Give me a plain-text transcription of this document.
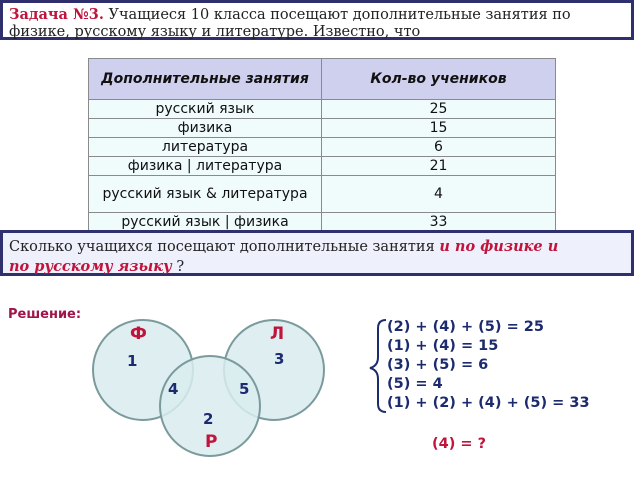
Задача №3. Учащиеся 10 класса посещают дополнительные занятия по физике, русскому языку и литературе. Известно, что
Дополнительные занятия	Кол-во учеников
русский язык	25
физика	15
литература	6
физика | литература	21
русский язык & литература	4
русский язык | физика	33
Сколько учащихся посещают дополнительные занятия и по физике и
по русскому языку ?
Решение:
Ф	Л
Р
1
2
3
4	5
(2) + (4) + (5) = 25
(1) + (4) = 15
(3) + (5) = 6
(5) = 4
(1) + (2) + (4) + (5) = 33
(4) = ?
